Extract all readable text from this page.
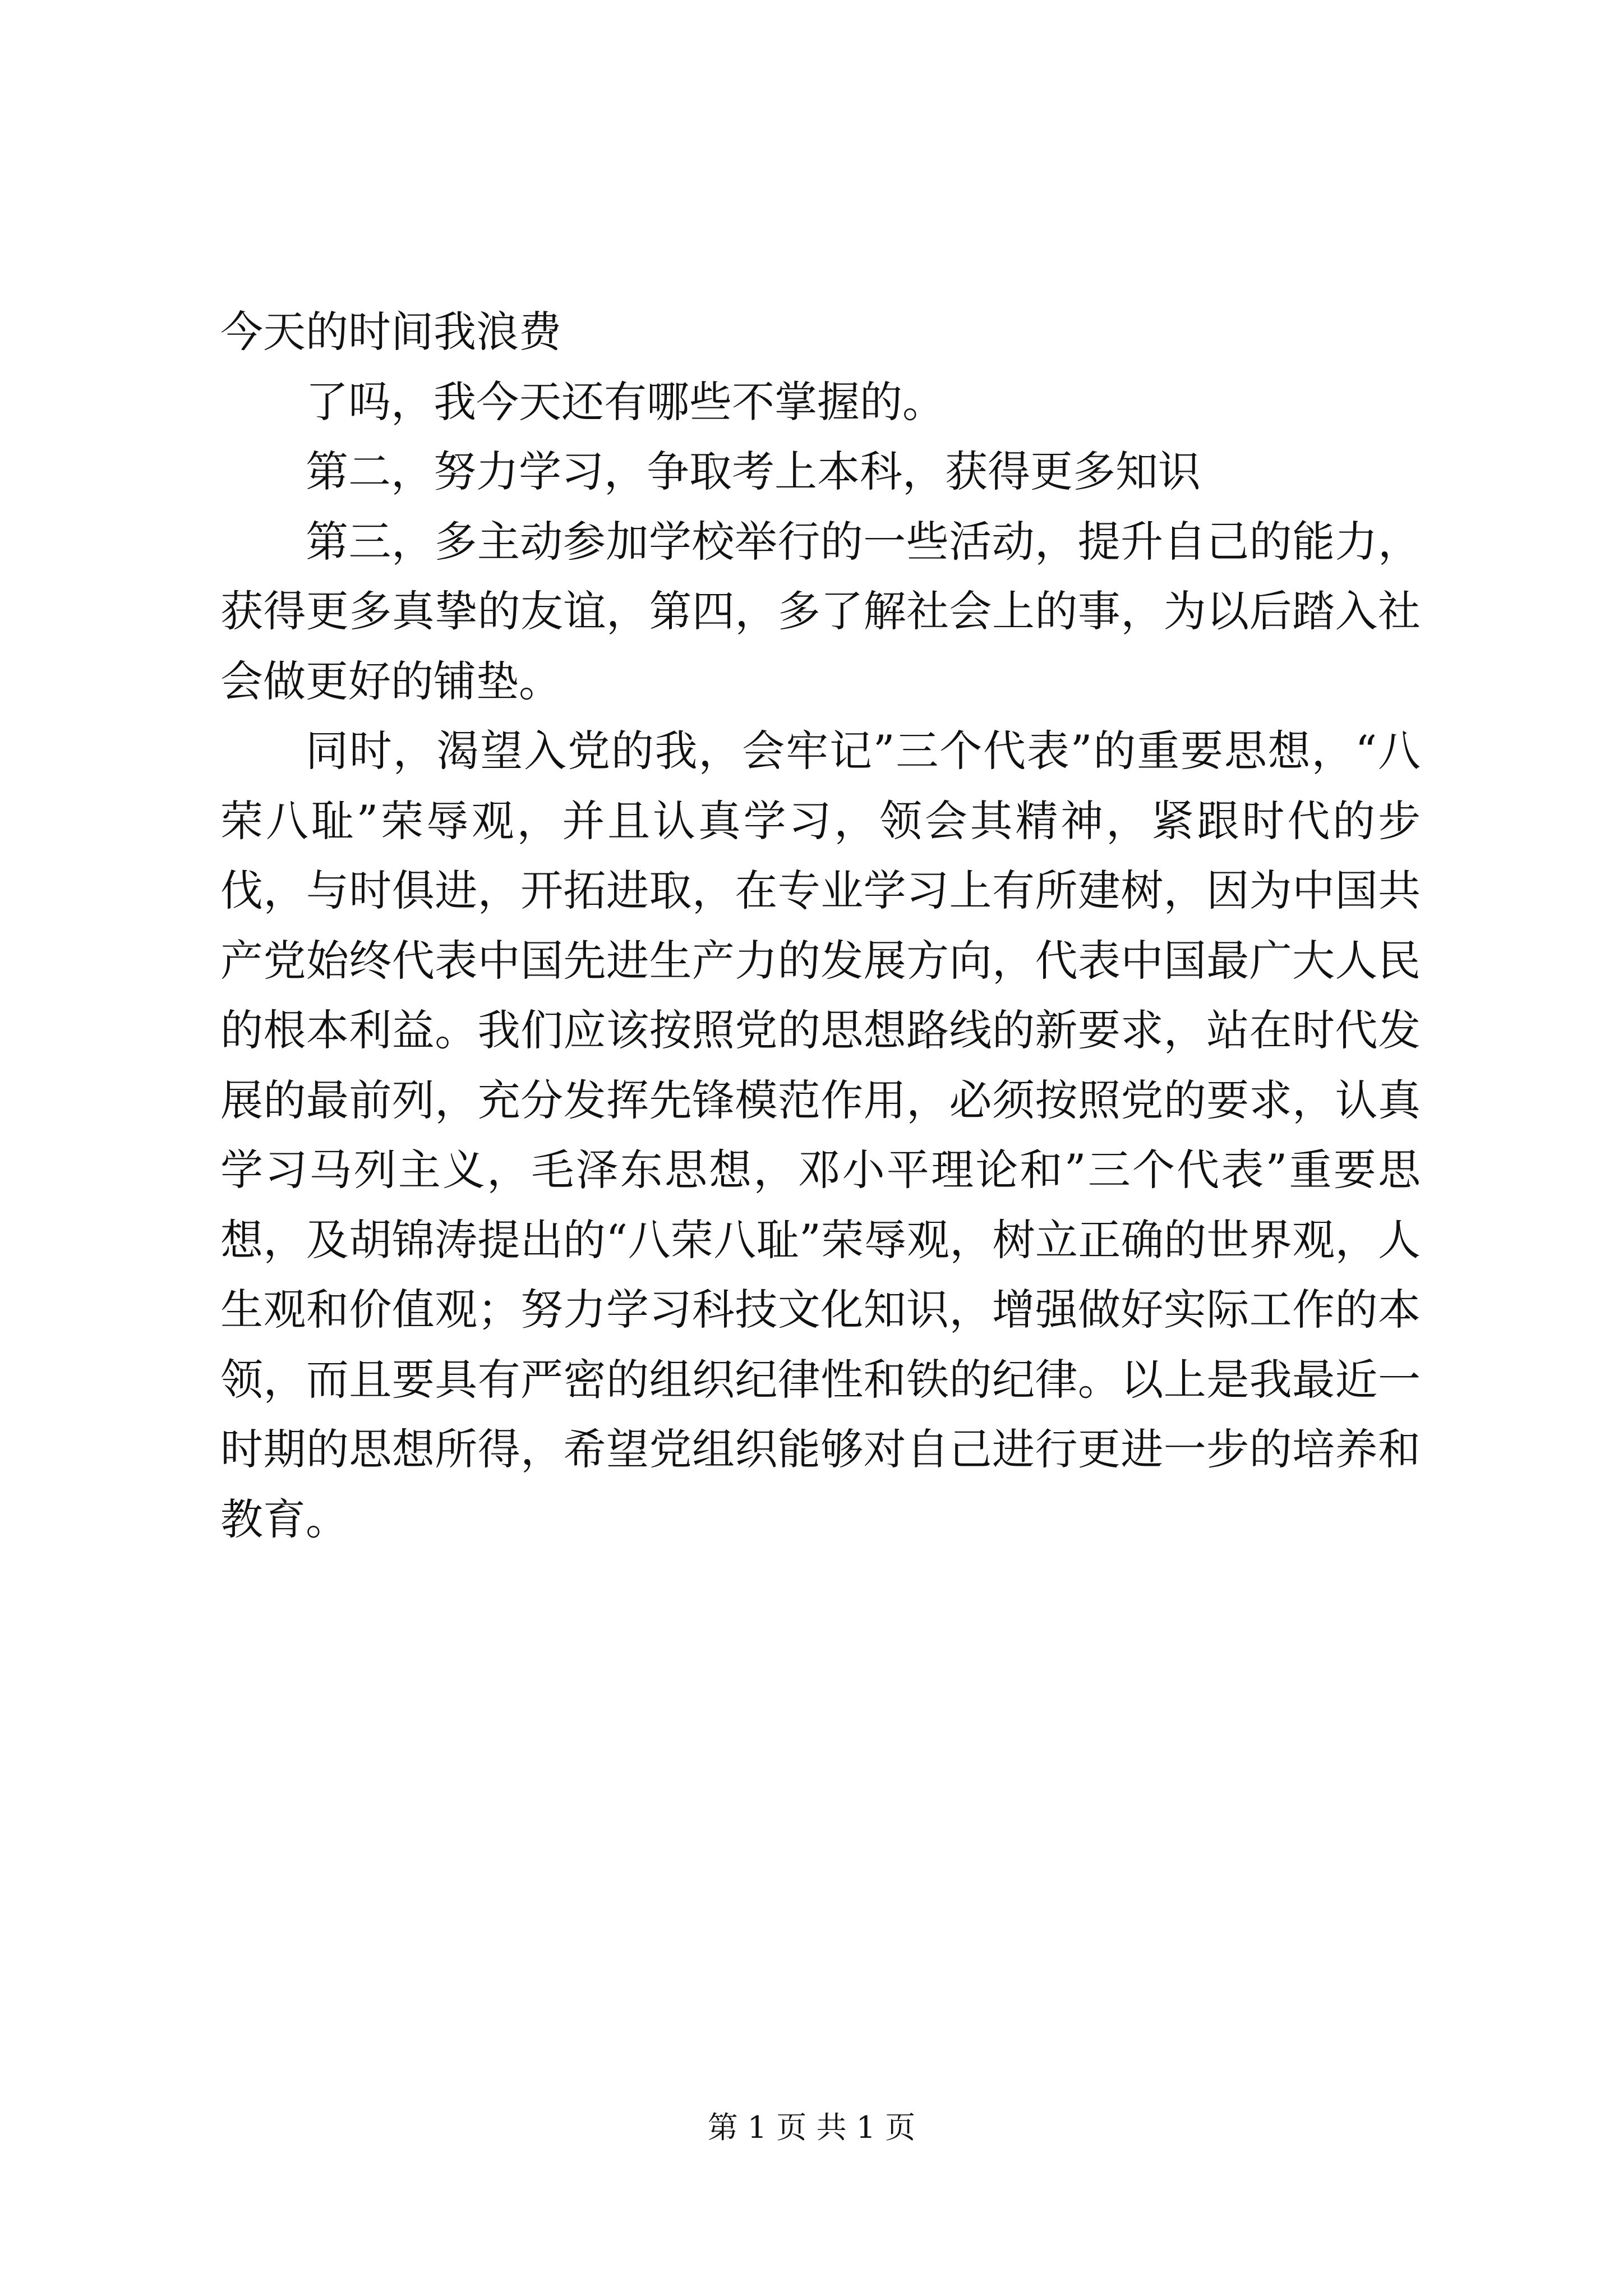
今天的时间我浪费

了吗，我今天还有哪些不掌握的。

第二，努力学习，争取考上本科，获得更多知识

第三，多主动参加学校举行的一些活动，提升自己的能力，获得更多真挚的友谊，第四，多了解社会上的事，为以后踏入社会做更好的铺垫。

同时，渴望入党的我，会牢记”三个代表”的重要思想，“八荣八耻”荣辱观，并且认真学习，领会其精神，紧跟时代的步伐，与时俱进，开拓进取，在专业学习上有所建树，因为中国共产党始终代表中国先进生产力的发展方向，代表中国最广大人民的根本利益。我们应该按照党的思想路线的新要求，站在时代发展的最前列，充分发挥先锋模范作用，必须按照党的要求，认真学习马列主义，毛泽东思想，邓小平理论和”三个代表”重要思想，及胡锦涛提出的“八荣八耻”荣辱观，树立正确的世界观，人生观和价值观；努力学习科技文化知识，增强做好实际工作的本领，而且要具有严密的组织纪律性和铁的纪律。以上是我最近一时期的思想所得，希望党组织能够对自己进行更进一步的培养和教育。

第 1 页 共 1 页
